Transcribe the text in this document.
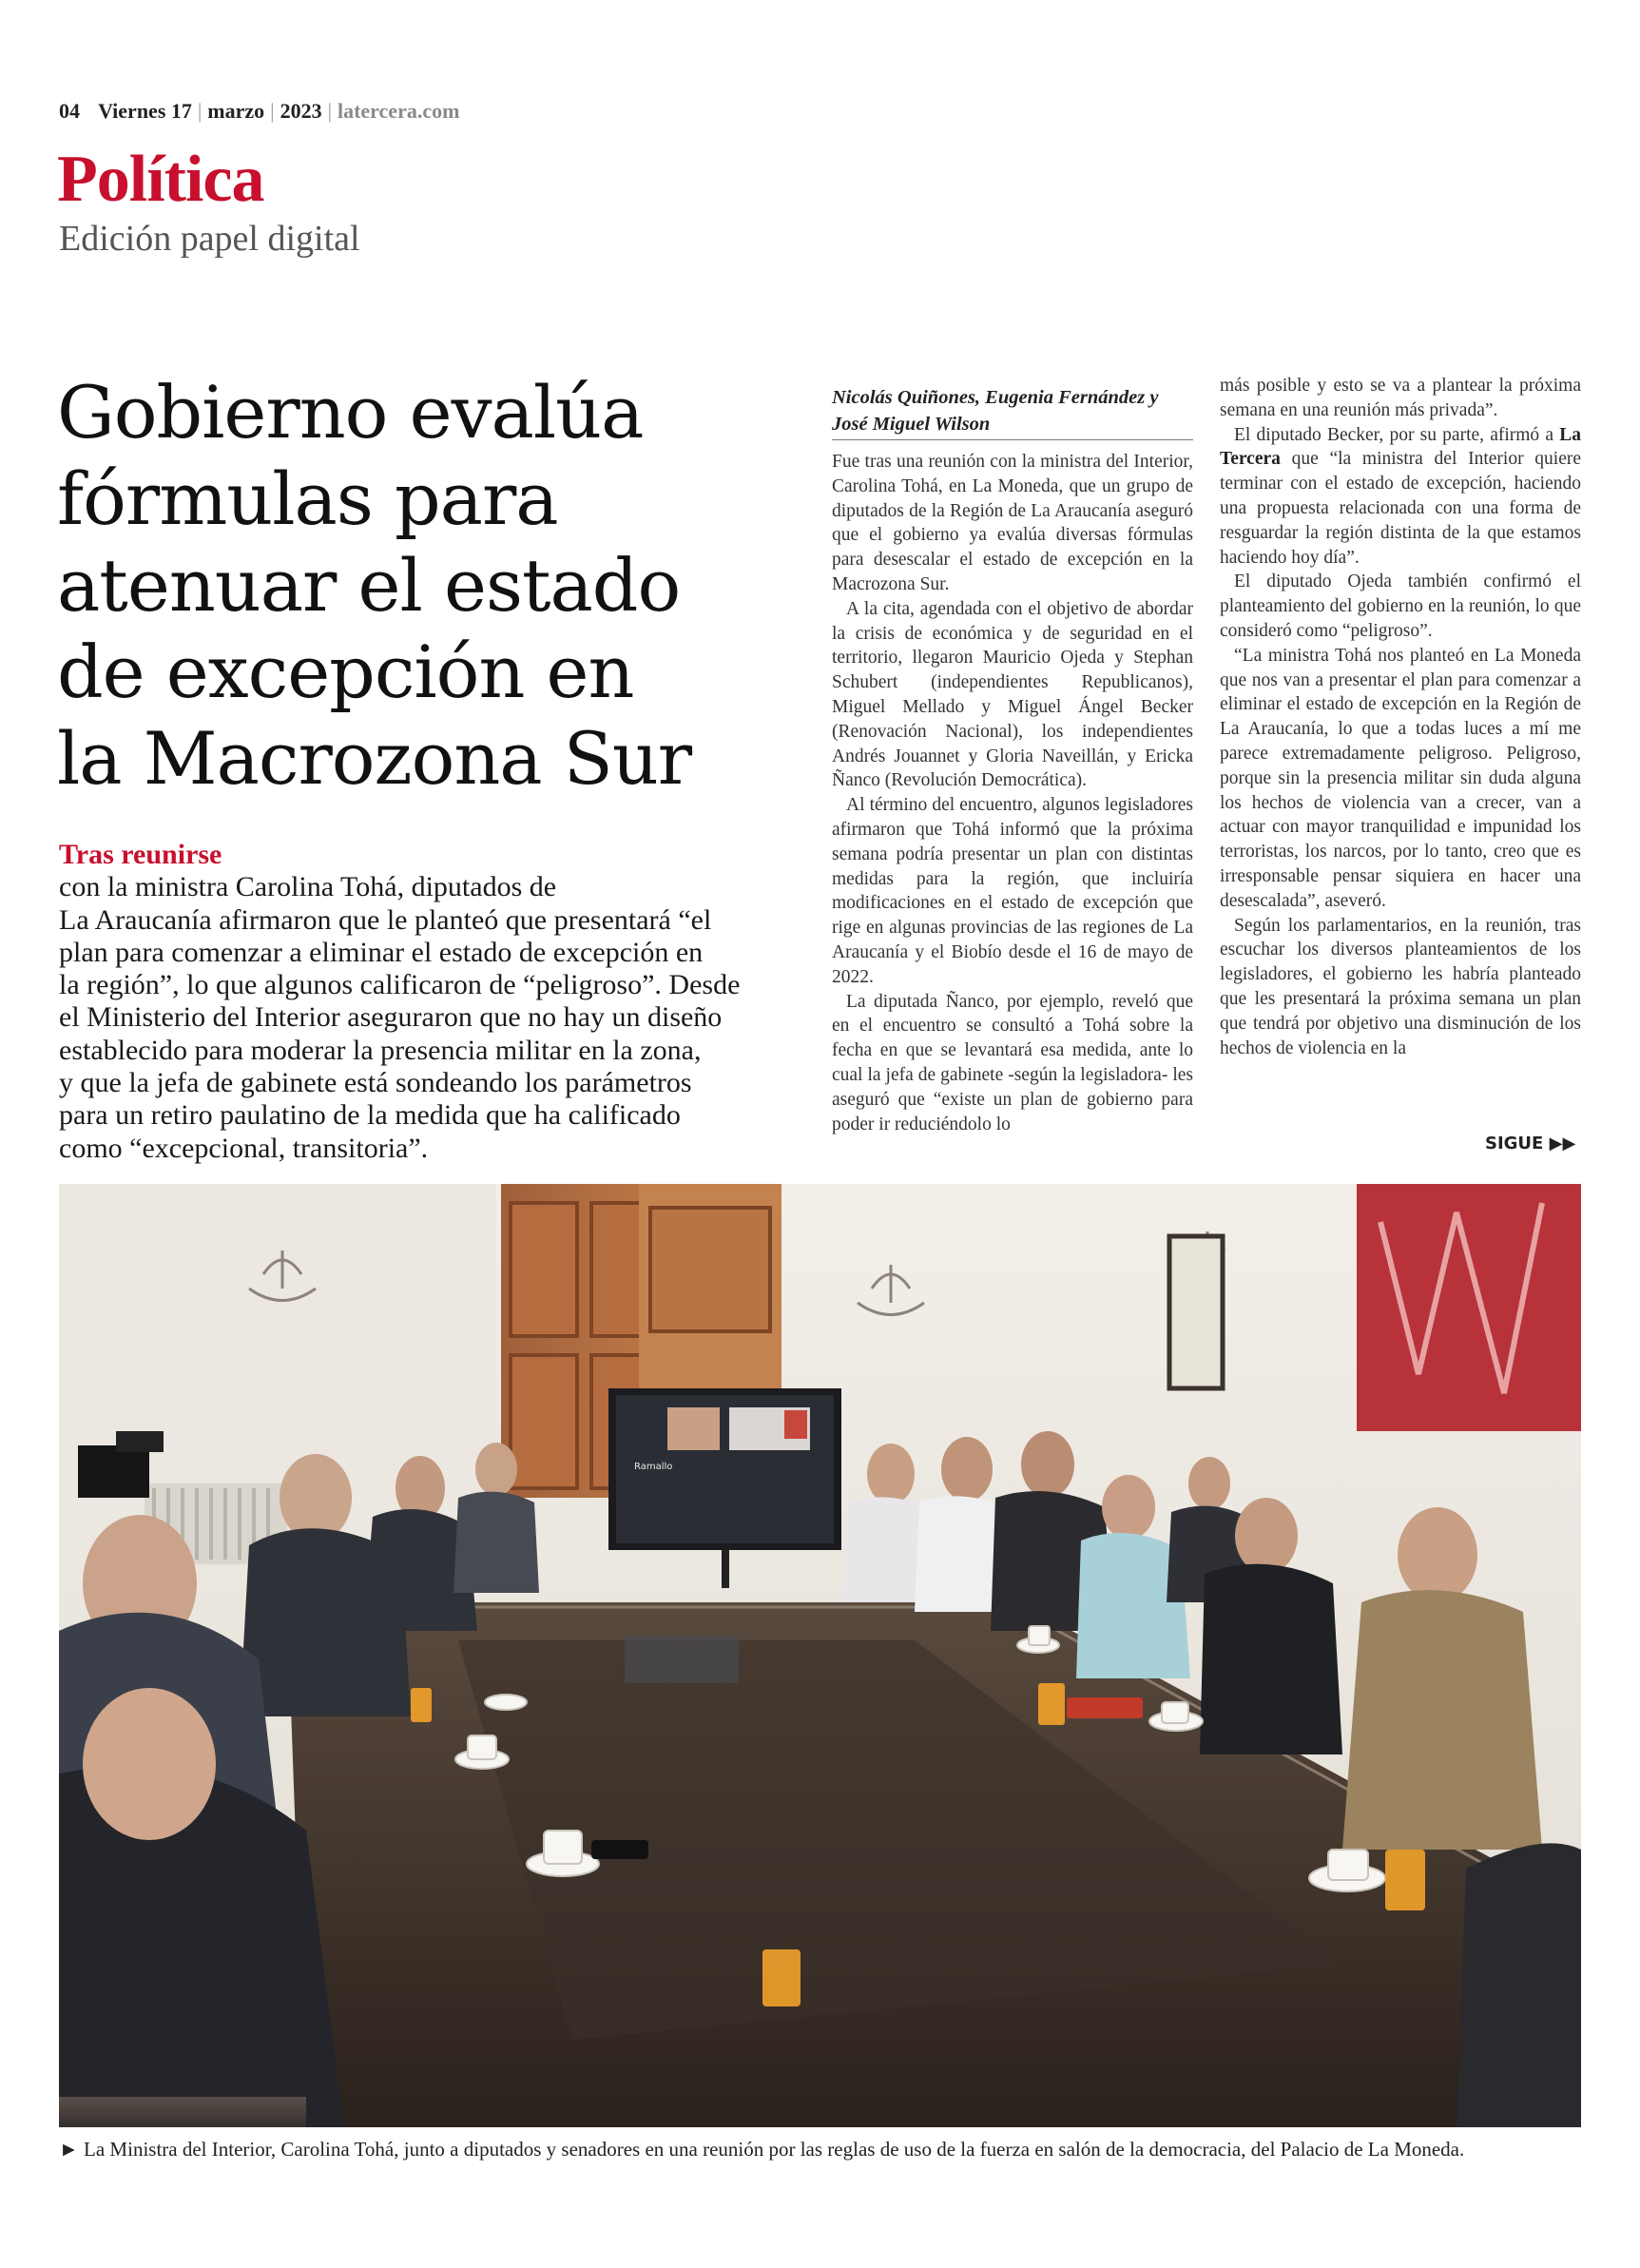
04 Viernes 17 | marzo | 2023 | latercera.com
Política
Edición papel digital
Gobierno evalúa
fórmulas para
atenuar el estado
de excepción en
la Macrozona Sur
Tras reunirse
con la ministra Carolina Tohá, diputados de
La Araucanía afirmaron que le planteó que presentará “el
plan para comenzar a eliminar el estado de excepción en
la región”, lo que algunos calificaron de “peligroso”. Desde
el Ministerio del Interior aseguraron que no hay un diseño
establecido para moderar la presencia militar en la zona,
y que la jefa de gabinete está sondeando los parámetros
para un retiro paulatino de la medida que ha calificado
como “excepcional, transitoria”.
Nicolás Quiñones, Eugenia Fernández y José Miguel Wilson

Fue tras una reunión con la ministra del Interior, Carolina Tohá, en La Moneda, que un grupo de diputados de la Región de La Araucanía aseguró que el gobierno ya evalúa diversas fórmulas para desescalar el estado de excepción en la Macrozona Sur.

A la cita, agendada con el objetivo de abordar la crisis de económica y de seguridad en el territorio, llegaron Mauricio Ojeda y Stephan Schubert (independientes Republicanos), Miguel Mellado y Miguel Ángel Becker (Renovación Nacional), los independientes Andrés Jouannet y Gloria Naveillán, y Ericka Ñanco (Revolución Democrática).

Al término del encuentro, algunos legisladores afirmaron que Tohá informó que la próxima semana podría presentar un plan con distintas medidas para la región, que incluiría modificaciones en el estado de excepción que rige en algunas provincias de las regiones de La Araucanía y el Biobío desde el 16 de mayo de 2022.

La diputada Ñanco, por ejemplo, reveló que en el encuentro se consultó a Tohá sobre la fecha en que se levantará esa medida, ante lo cual la jefa de gabinete -según la legisladora- les aseguró que “existe un plan de gobierno para poder ir reduciéndolo lo

más posible y esto se va a plantear la próxima semana en una reunión más privada”.

El diputado Becker, por su parte, afirmó a La Tercera que “la ministra del Interior quiere terminar con el estado de excepción, haciendo una propuesta relacionada con una forma de resguardar la región distinta de la que estamos haciendo hoy día”.

El diputado Ojeda también confirmó el planteamiento del gobierno en la reunión, lo que consideró como “peligroso”.

“La ministra Tohá nos planteó en La Moneda que nos van a presentar el plan para comenzar a eliminar el estado de excepción en la Región de La Araucanía, lo que a todas luces a mí me parece extremadamente peligroso. Peligroso, porque sin la presencia militar sin duda alguna los hechos de violencia van a crecer, van a actuar con mayor tranquilidad e impunidad los terroristas, los narcos, por lo tanto, creo que es irresponsable pensar siquiera en hacer una desescalada”, aseveró.

Según los parlamentarios, en la reunión, tras escuchar los diversos planteamientos de los legisladores, el gobierno les habría planteado que les presentará la próxima semana un plan que tendrá por objetivo una disminución de los hechos de violencia en la

SIGUE ▶▶
Ramallo
► La Ministra del Interior, Carolina Tohá, junto a diputados y senadores en una reunión por las reglas de uso de la fuerza en salón de la democracia, del Palacio de La Moneda.
